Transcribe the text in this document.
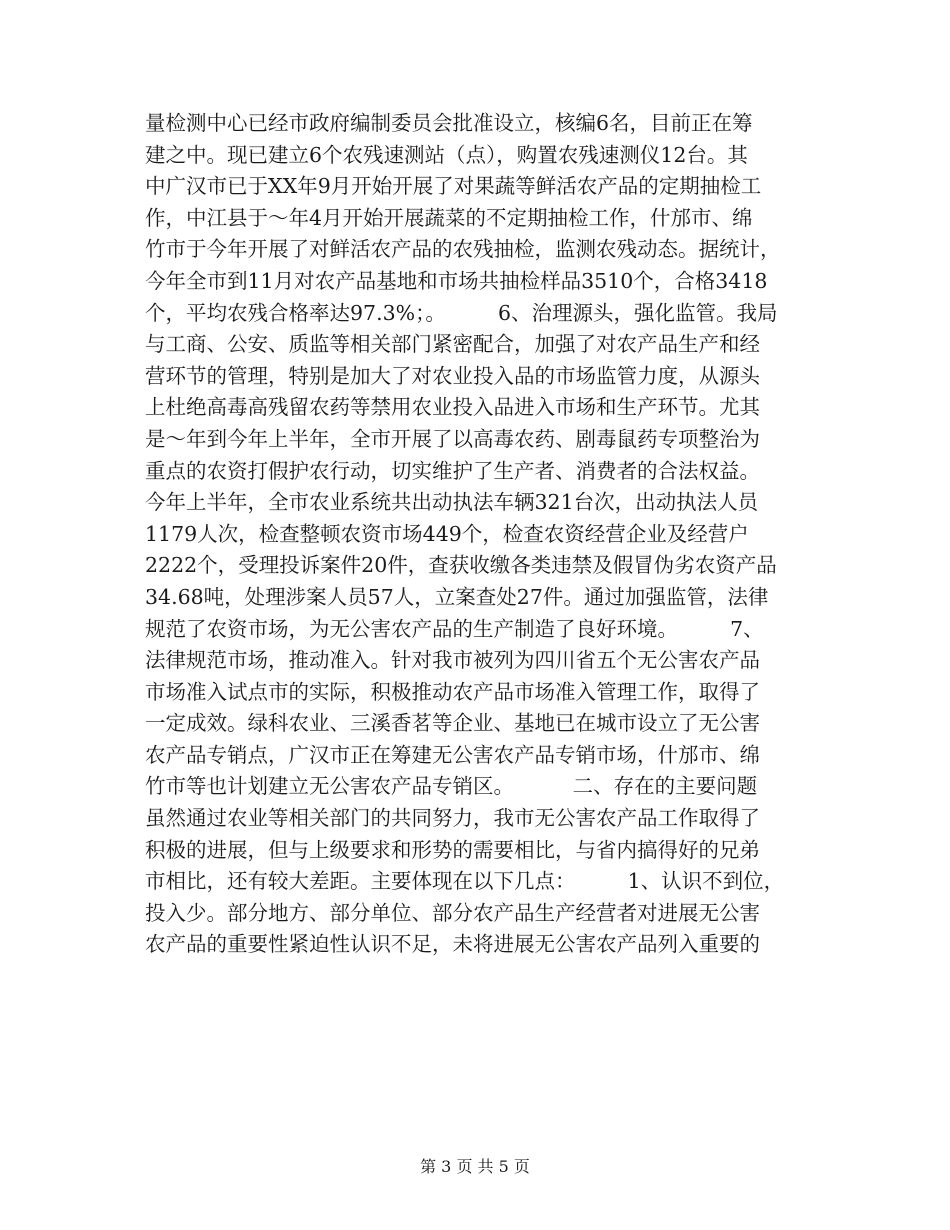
量检测中心已经市政府编制委员会批准设立，核编6名，目前正在筹
建之中。现已建立6个农残速测站（点），购置农残速测仪12台。其
中广汉市已于XX年9月开始开展了对果蔬等鲜活农产品的定期抽检工
作，中江县于～年4月开始开展蔬菜的不定期抽检工作，什邡市、绵
竹市于今年开展了对鲜活农产品的农残抽检，监测农残动态。据统计，
今年全市到11月对农产品基地和市场共抽检样品3510个，合格3418
个，平均农残合格率达97.3%；。        6、治理源头，强化监管。我局
与工商、公安、质监等相关部门紧密配合，加强了对农产品生产和经
营环节的管理，特别是加大了对农业投入品的市场监管力度，从源头
上杜绝高毒高残留农药等禁用农业投入品进入市场和生产环节。尤其
是～年到今年上半年，全市开展了以高毒农药、剧毒鼠药专项整治为
重点的农资打假护农行动，切实维护了生产者、消费者的合法权益。
今年上半年，全市农业系统共出动执法车辆321台次，出动执法人员
1179人次，检查整顿农资市场449个，检查农资经营企业及经营户
2222个，受理投诉案件20件，查获收缴各类违禁及假冒伪劣农资产品
34.68吨，处理涉案人员57人，立案查处27件。通过加强监管，法律
规范了农资市场，为无公害农产品的生产制造了良好环境。        7、
法律规范市场，推动准入。针对我市被列为四川省五个无公害农产品
市场准入试点市的实际，积极推动农产品市场准入管理工作，取得了
一定成效。绿科农业、三溪香茗等企业、基地已在城市设立了无公害
农产品专销点，广汉市正在筹建无公害农产品专销市场，什邡市、绵
竹市等也计划建立无公害农产品专销区。         二、存在的主要问题
虽然通过农业等相关部门的共同努力，我市无公害农产品工作取得了
积极的进展，但与上级要求和形势的需要相比，与省内搞得好的兄弟
市相比，还有较大差距。主要体现在以下几点：        1、认识不到位，
投入少。部分地方、部分单位、部分农产品生产经营者对进展无公害
农产品的重要性紧迫性认识不足，未将进展无公害农产品列入重要的
第 3 页 共 5 页
